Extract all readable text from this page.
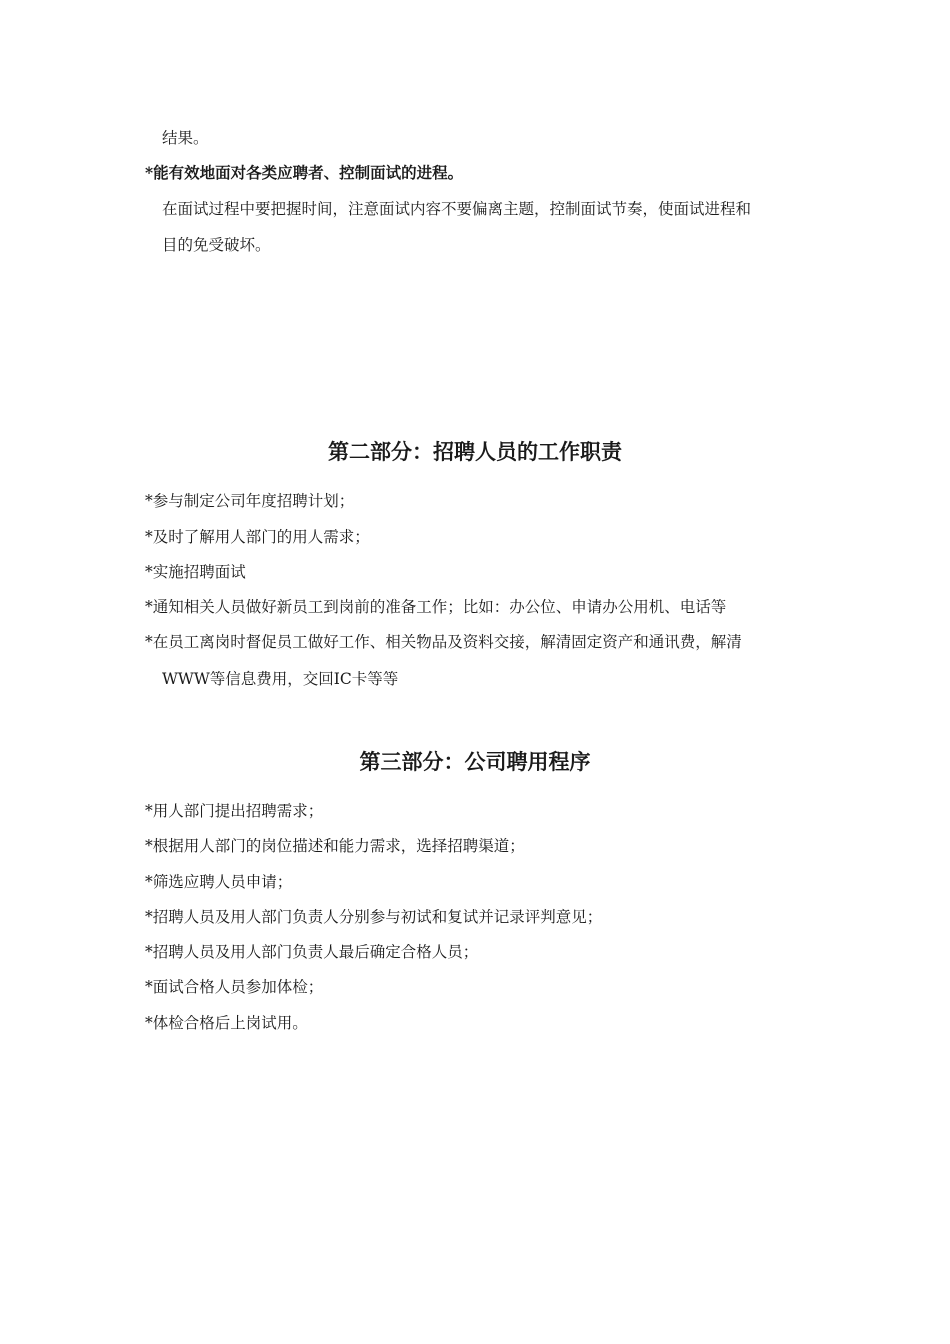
结果。
*能有效地面对各类应聘者、控制面试的进程。
在面试过程中要把握时间，注意面试内容不要偏离主题，控制面试节奏，使面试进程和
目的免受破坏。
第二部分：招聘人员的工作职责
*参与制定公司年度招聘计划；
*及时了解用人部门的用人需求；
*实施招聘面试
*通知相关人员做好新员工到岗前的准备工作；比如：办公位、申请办公用机、电话等
*在员工离岗时督促员工做好工作、相关物品及资料交接，解清固定资产和通讯费，解清
WWW等信息费用，交回IC卡等等
第三部分：公司聘用程序
*用人部门提出招聘需求；
*根据用人部门的岗位描述和能力需求，选择招聘渠道；
*筛选应聘人员申请；
*招聘人员及用人部门负责人分别参与初试和复试并记录评判意见；
*招聘人员及用人部门负责人最后确定合格人员；
*面试合格人员参加体检；
*体检合格后上岗试用。
